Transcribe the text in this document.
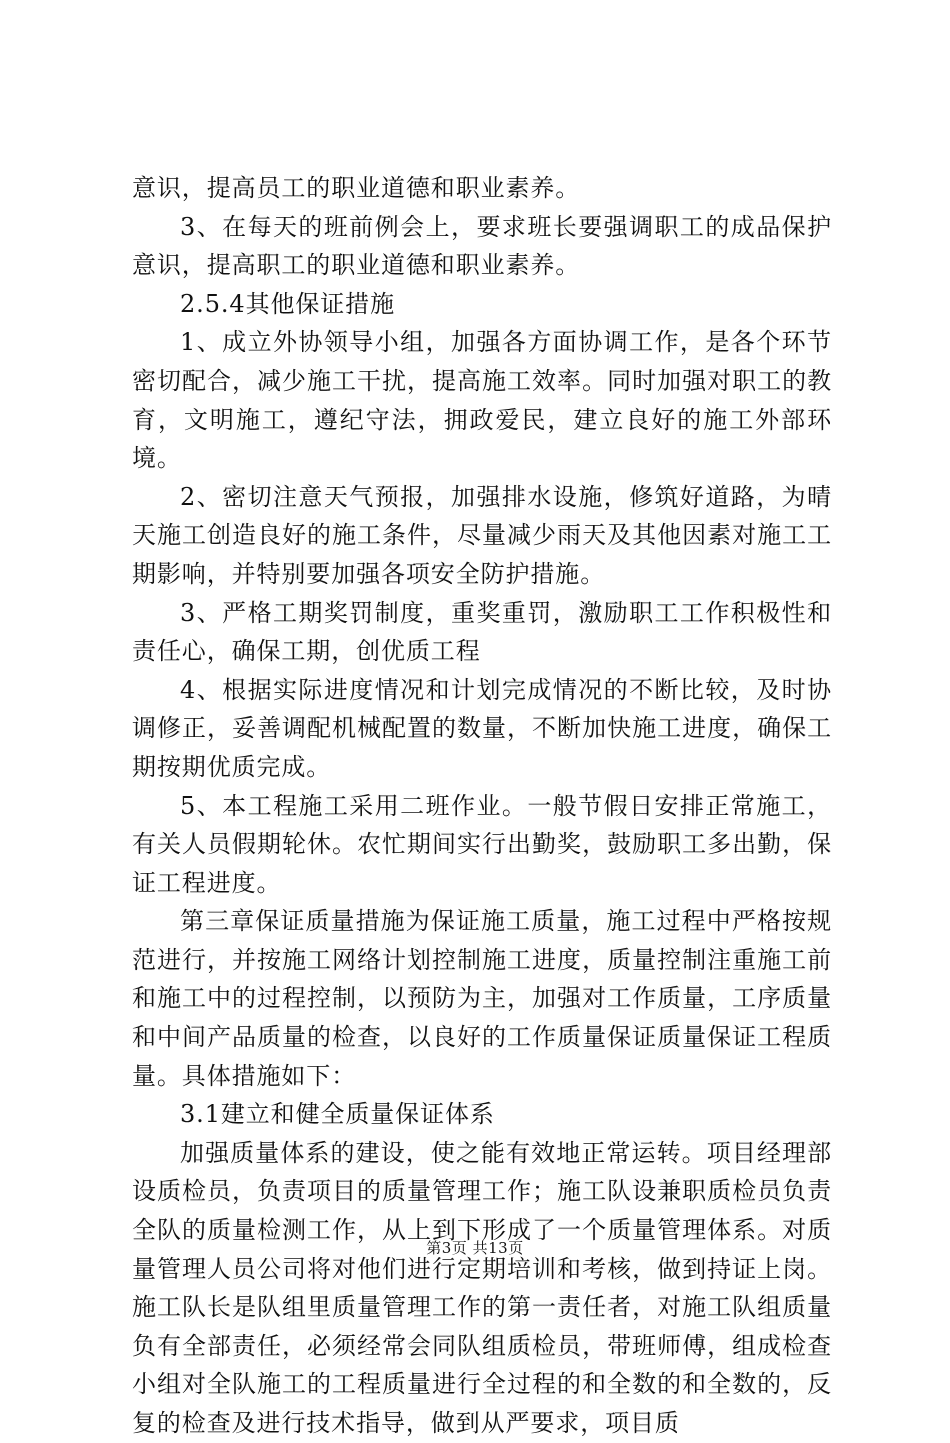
意识，提高员工的职业道德和职业素养。

3、在每天的班前例会上，要求班长要强调职工的成品保护意识，提高职工的职业道德和职业素养。

2.5.4其他保证措施

1、成立外协领导小组，加强各方面协调工作，是各个环节密切配合，减少施工干扰，提高施工效率。同时加强对职工的教育，文明施工，遵纪守法，拥政爱民，建立良好的施工外部环境。

2、密切注意天气预报，加强排水设施，修筑好道路，为晴天施工创造良好的施工条件，尽量减少雨天及其他因素对施工工期影响，并特别要加强各项安全防护措施。

3、严格工期奖罚制度，重奖重罚，激励职工工作积极性和责任心，确保工期，创优质工程

4、根据实际进度情况和计划完成情况的不断比较，及时协调修正，妥善调配机械配置的数量，不断加快施工进度，确保工期按期优质完成。

5、本工程施工采用二班作业。一般节假日安排正常施工，有关人员假期轮休。农忙期间实行出勤奖，鼓励职工多出勤，保证工程进度。

第三章保证质量措施为保证施工质量，施工过程中严格按规范进行，并按施工网络计划控制施工进度，质量控制注重施工前和施工中的过程控制，以预防为主，加强对工作质量，工序质量和中间产品质量的检查，以良好的工作质量保证质量保证工程质量。具体措施如下：

3.1建立和健全质量保证体系

加强质量体系的建设，使之能有效地正常运转。项目经理部设质检员，负责项目的质量管理工作；施工队设兼职质检员负责全队的质量检测工作，从上到下形成了一个质量管理体系。对质量管理人员公司将对他们进行定期培训和考核，做到持证上岗。施工队长是队组里质量管理工作的第一责任者，对施工队组质量负有全部责任，必须经常会同队组质检员，带班师傅，组成检查小组对全队施工的工程质量进行全过程的和全数的和全数的，反复的检查及进行技术指导，做到从严要求，项目质

第3页 共13页
